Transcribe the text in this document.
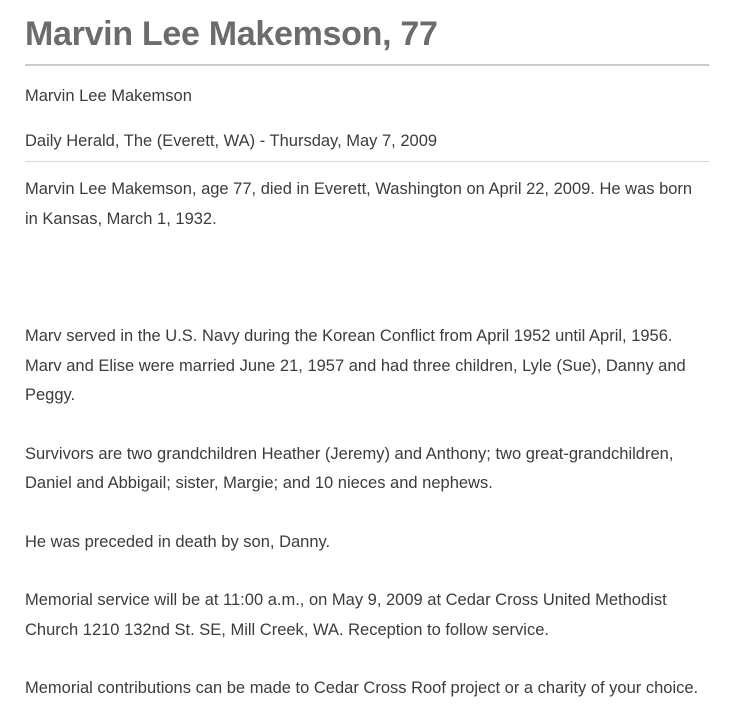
Marvin Lee Makemson, 77

Marvin Lee Makemson

Daily Herald, The (Everett, WA) - Thursday, May 7, 2009

Marvin Lee Makemson, age 77, died in Everett, Washington on April 22, 2009. He was born in Kansas, March 1, 1932.

Marv served in the U.S. Navy during the Korean Conflict from April 1952 until April, 1956. Marv and Elise were married June 21, 1957 and had three children, Lyle (Sue), Danny and Peggy.

Survivors are two grandchildren Heather (Jeremy) and Anthony; two great-grandchildren, Daniel and Abbigail; sister, Margie; and 10 nieces and nephews.

He was preceded in death by son, Danny.

Memorial service will be at 11:00 a.m., on May 9, 2009 at Cedar Cross United Methodist Church 1210 132nd St. SE, Mill Creek, WA. Reception to follow service.

Memorial contributions can be made to Cedar Cross Roof project or a charity of your choice.
